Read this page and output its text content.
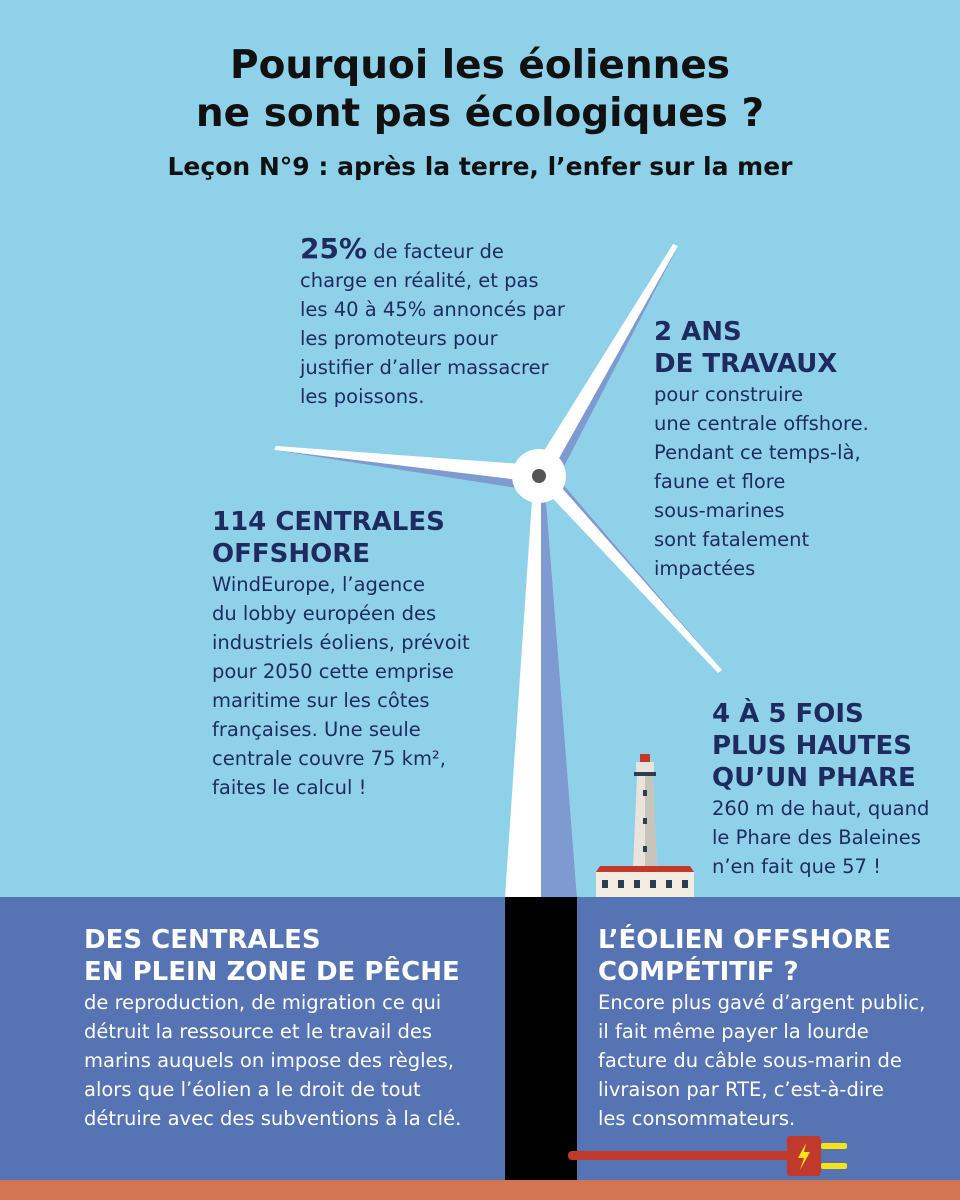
Pourquoi les éoliennes
ne sont pas écologiques ?
Leçon N°9 : après la terre, l’enfer sur la mer
25% de facteur de
charge en réalité, et pas
les 40 à 45% annoncés par
les promoteurs pour
justifier d’aller massacrer
les poissons.
2 ANS
DE TRAVAUX
pour construire
une centrale offshore.
Pendant ce temps-là,
faune et flore
sous-marines
sont fatalement
impactées
114 CENTRALES
OFFSHORE
WindEurope, l’agence
du lobby européen des
industriels éoliens, prévoit
pour 2050 cette emprise
maritime sur les côtes
françaises. Une seule
centrale couvre 75 km²,
faites le calcul !
4 À 5 FOIS
PLUS HAUTES
QU’UN PHARE
260 m de haut, quand
le Phare des Baleines
n’en fait que 57 !
DES CENTRALES
EN PLEIN ZONE DE PÊCHE
de reproduction, de migration ce qui
détruit la ressource et le travail des
marins auquels on impose des règles,
alors que l’éolien a le droit de tout
détruire avec des subventions à la clé.
L’ÉOLIEN OFFSHORE
COMPÉTITIF ?
Encore plus gavé d’argent public,
il fait même payer la lourde
facture du câble sous-marin de
livraison par RTE, c’est-à-dire
les consommateurs.
